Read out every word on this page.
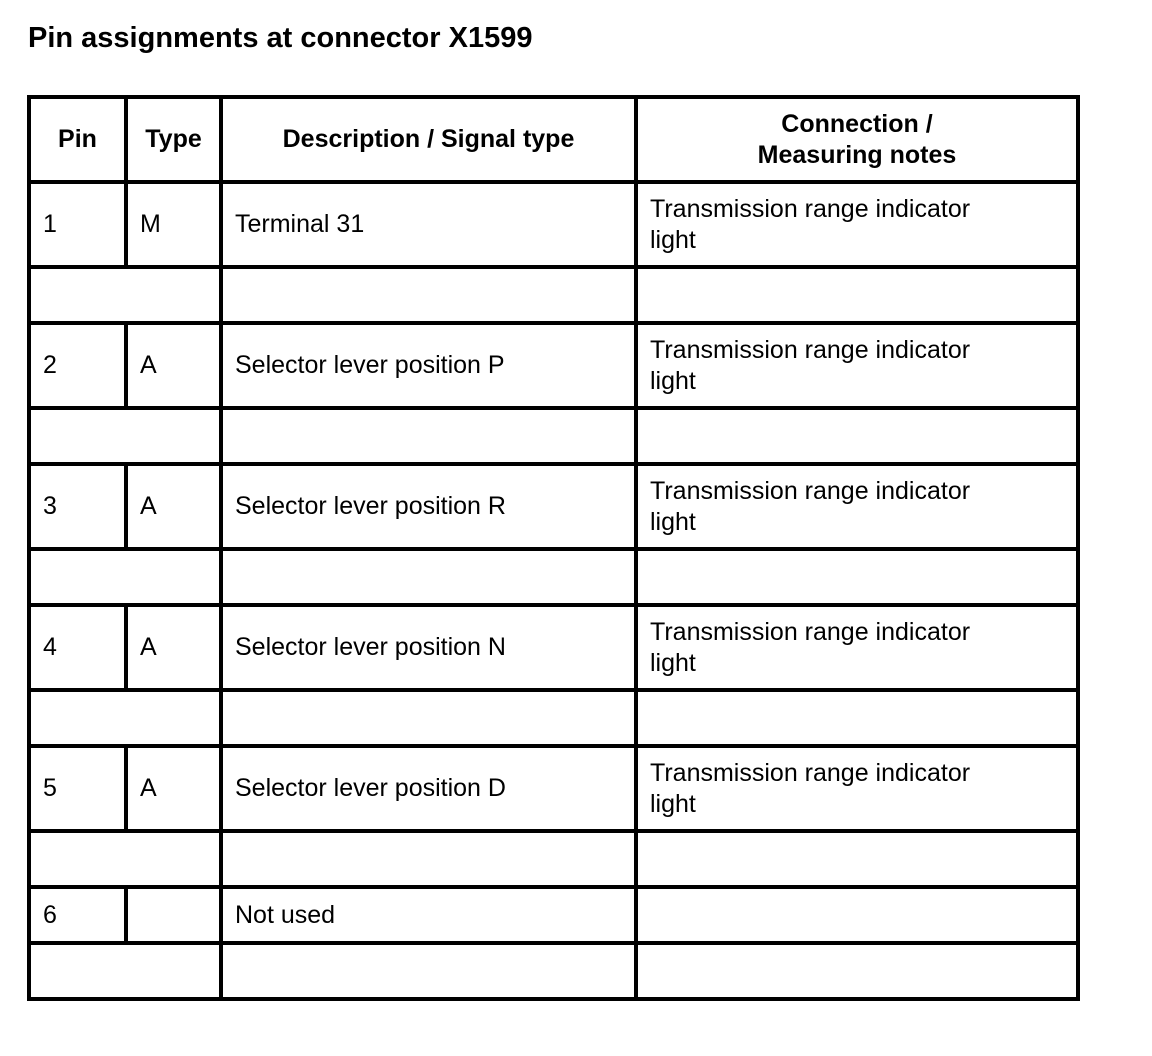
Pin assignments at connector X1599
Pin	Type	Description / Signal type	Connection /
Measuring notes
1	M	Terminal 31	Transmission range indicator
light

2	A	Selector lever position P	Transmission range indicator
light

3	A	Selector lever position R	Transmission range indicator
light

4	A	Selector lever position N	Transmission range indicator
light

5	A	Selector lever position D	Transmission range indicator
light

6		Not used	
